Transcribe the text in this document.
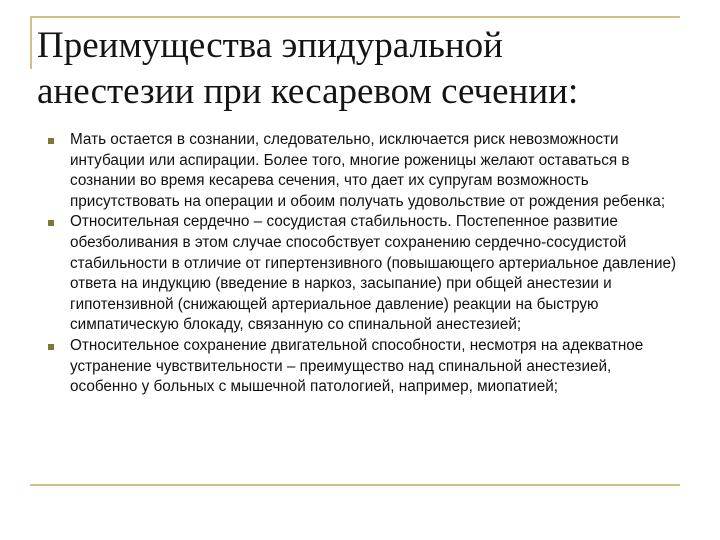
Преимущества эпидуральной
анестезии при кесаревом сечении:
Мать остается в сознании, следовательно, исключается риск невозможности интубации или аспирации. Более того, многие роженицы желают оставаться в сознании во время кесарева сечения, что дает их супругам возможность присутствовать на операции и обоим получать удовольствие от рождения ребенка;
Относительная сердечно – сосудистая стабильность. Постепенное развитие обезболивания в этом случае способствует сохранению сердечно-сосудистой стабильности в отличие от гипертензивного (повышающего артериальное давление) ответа на индукцию (введение в наркоз, засыпание) при общей анестезии и гипотензивной (снижающей артериальное давление) реакции на быструю симпатическую блокаду, связанную со спинальной анестезией;
Относительное сохранение двигательной способности, несмотря на адекватное устранение чувствительности – преимущество над спинальной анестезией, особенно у больных с мышечной патологией, например, миопатией;
